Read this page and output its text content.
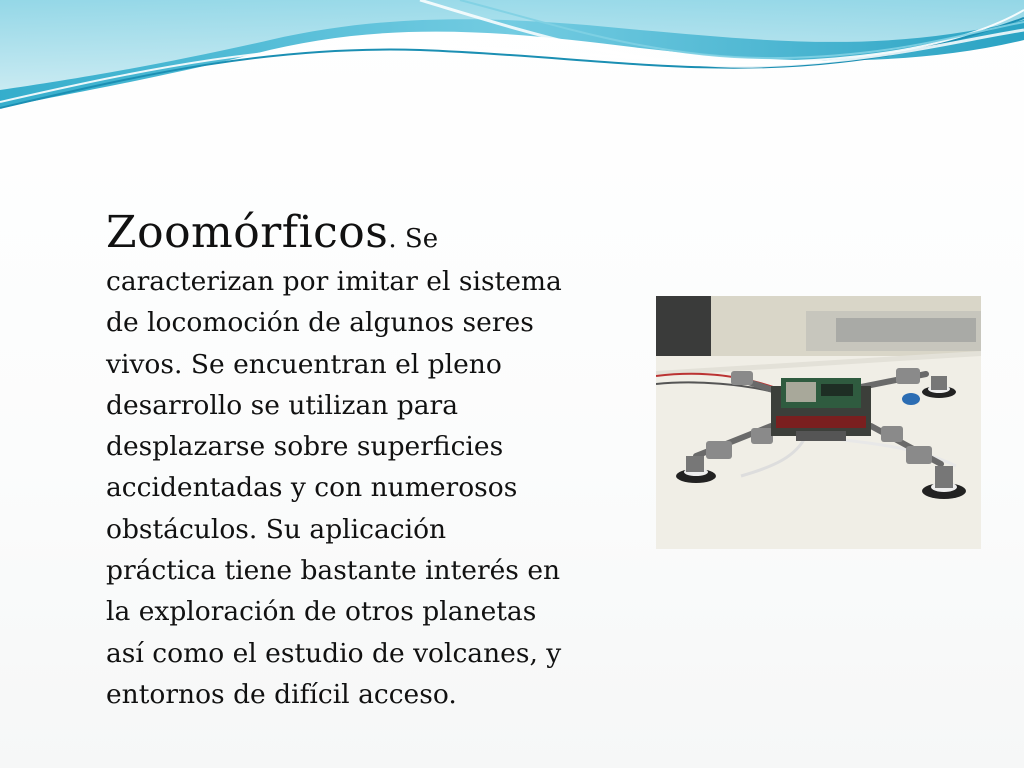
Zoomórficos. Se
caracterizan por imitar el sistema
de locomoción de algunos seres
vivos. Se encuentran el pleno
desarrollo se utilizan para
desplazarse sobre superficies
accidentadas y con numerosos
obstáculos. Su aplicación
práctica tiene bastante interés en
la exploración de otros planetas
así como el estudio de volcanes, y
entornos de difícil acceso.
